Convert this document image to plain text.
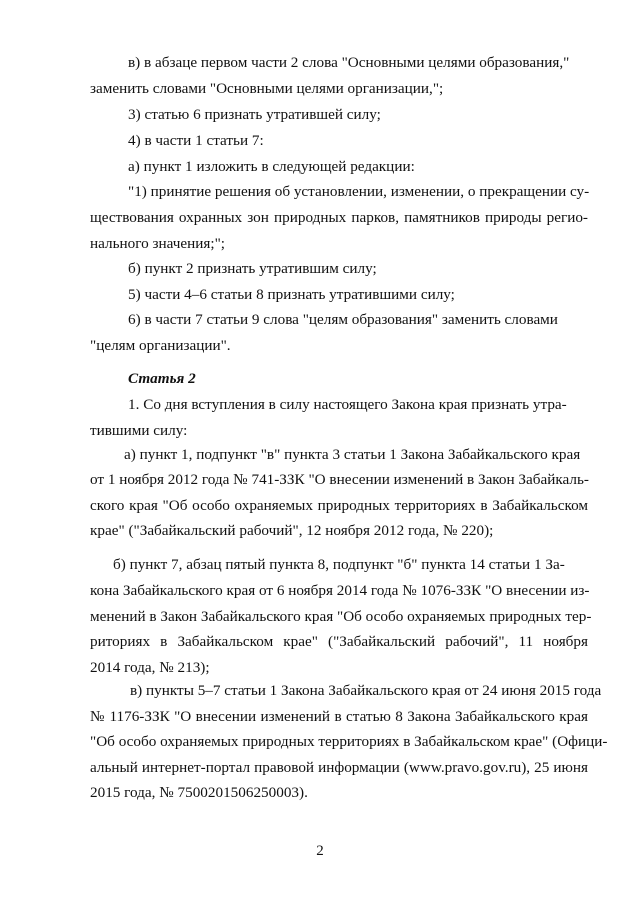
в) в абзаце первом части 2 слова "Основными целями образования,"
заменить словами "Основными целями организации,";
3) статью 6 признать утратившей силу;
4) в части 1 статьи 7:
а) пункт 1 изложить в следующей редакции:
"1) принятие решения об установлении, изменении, о прекращении су-
ществования охранных зон природных парков, памятников природы регио-
нального значения;";
б) пункт 2 признать утратившим силу;
5) части 4–6 статьи 8 признать утратившими силу;
6) в части 7 статьи 9 слова "целям образования" заменить словами
"целям организации".
Статья 2
1. Со дня вступления в силу настоящего Закона края признать утра-
тившими силу:
а) пункт 1, подпункт "в" пункта 3 статьи 1 Закона Забайкальского края
от 1 ноября 2012 года № 741-ЗЗК "О внесении изменений в Закон Забайкаль-
ского края "Об особо охраняемых природных территориях в Забайкальском
крае" ("Забайкальский рабочий", 12 ноября 2012 года, № 220);
б) пункт 7, абзац пятый пункта 8, подпункт "б" пункта 14 статьи 1 За-
кона Забайкальского края от 6 ноября 2014 года № 1076-ЗЗК "О внесении из-
менений в Закон Забайкальского края "Об особо охраняемых природных тер-
риториях в Забайкальском крае" ("Забайкальский рабочий", 11 ноября
2014 года, № 213);
в) пункты 5–7 статьи 1 Закона Забайкальского края от 24 июня 2015 года
№ 1176-ЗЗК "О внесении изменений в статью 8 Закона Забайкальского края
"Об особо охраняемых природных территориях в Забайкальском крае" (Офици-
альный интернет-портал правовой информации (www.pravo.gov.ru), 25 июня
2015 года, № 7500201506250003).
2
